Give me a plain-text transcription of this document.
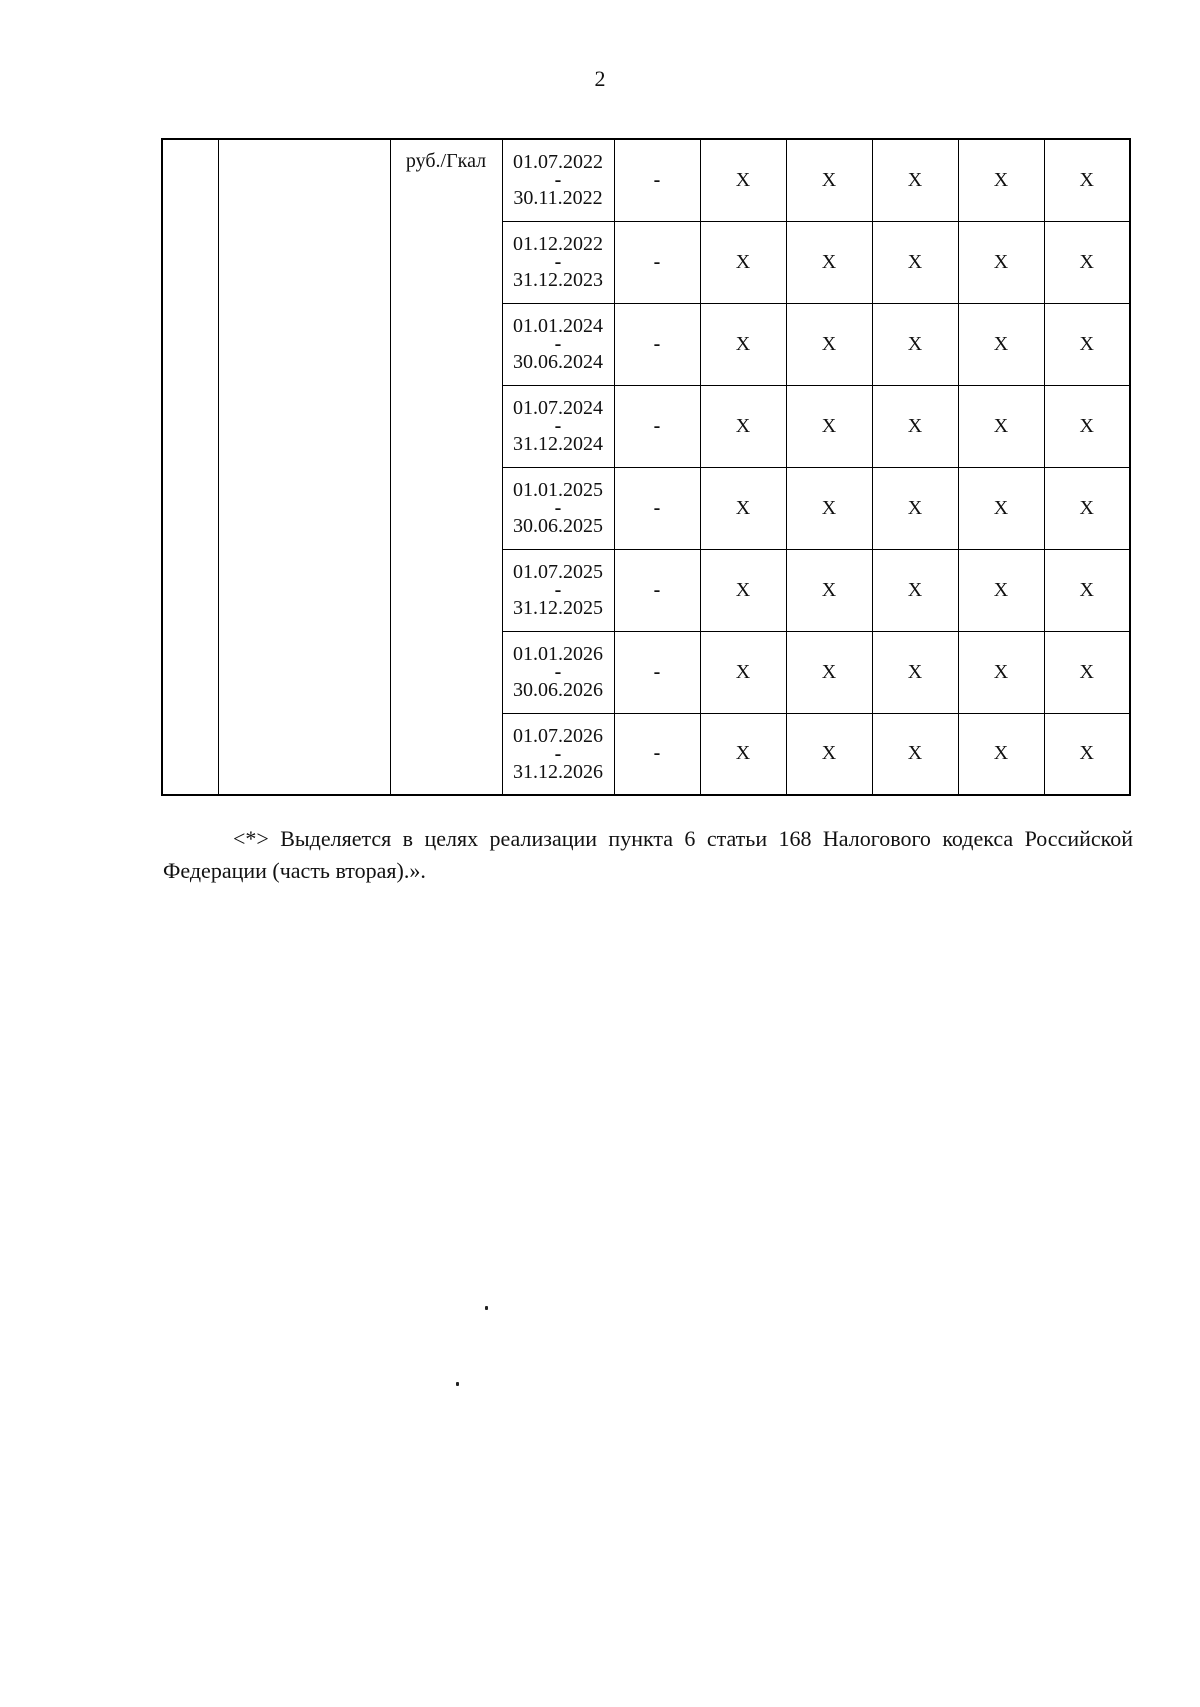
2
		руб./Гкал	01.07.2022
-
30.11.2022	-	Х	Х	Х	Х	Х

			01.12.2022
-
31.12.2023	-	Х	Х	Х	Х	Х

			01.01.2024
-
30.06.2024	-	Х	Х	Х	Х	Х

			01.07.2024
-
31.12.2024	-	Х	Х	Х	Х	Х

			01.01.2025
-
30.06.2025	-	Х	Х	Х	Х	Х

			01.07.2025
-
31.12.2025	-	Х	Х	Х	Х	Х

			01.01.2026
-
30.06.2026	-	Х	Х	Х	Х	Х

			01.07.2026
-
31.12.2026	-	Х	Х	Х	Х	Х
<*> Выделяется в целях реализации пункта 6 статьи 168 Налогового кодекса Российской Федерации (часть вторая).».
